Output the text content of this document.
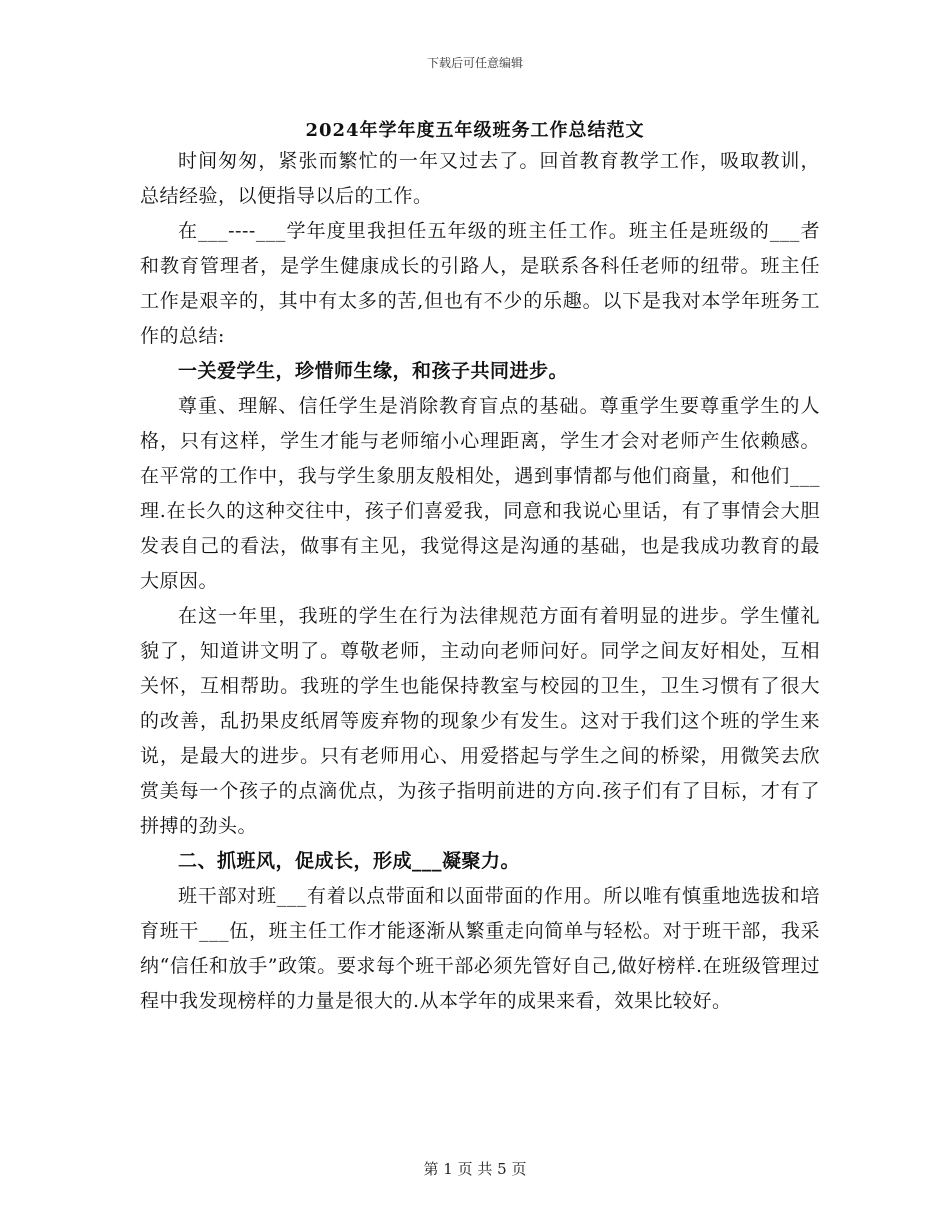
下载后可任意编辑
2024年学年度五年级班务工作总结范文

时间匆匆，紧张而繁忙的一年又过去了。回首教育教学工作，吸取教训，总结经验，以便指导以后的工作。

在___----___学年度里我担任五年级的班主任工作。班主任是班级的___者和教育管理者，是学生健康成长的引路人，是联系各科任老师的纽带。班主任工作是艰辛的，其中有太多的苦,但也有不少的乐趣。以下是我对本学年班务工作的总结:

一关爱学生，珍惜师生缘，和孩子共同进步。

尊重、理解、信任学生是消除教育盲点的基础。尊重学生要尊重学生的人格，只有这样，学生才能与老师缩小心理距离，学生才会对老师产生依赖感。在平常的工作中，我与学生象朋友般相处，遇到事情都与他们商量，和他们___理.在长久的这种交往中，孩子们喜爱我，同意和我说心里话，有了事情会大胆发表自己的看法，做事有主见，我觉得这是沟通的基础，也是我成功教育的最大原因。

在这一年里，我班的学生在行为法律规范方面有着明显的进步。学生懂礼貌了，知道讲文明了。尊敬老师，主动向老师问好。同学之间友好相处，互相关怀，互相帮助。我班的学生也能保持教室与校园的卫生，卫生习惯有了很大的改善，乱扔果皮纸屑等废弃物的现象少有发生。这对于我们这个班的学生来说，是最大的进步。只有老师用心、用爱搭起与学生之间的桥梁，用微笑去欣赏美每一个孩子的点滴优点，为孩子指明前进的方向.孩子们有了目标，才有了拼搏的劲头。

二、抓班风，促成长，形成___凝聚力。

班干部对班___有着以点带面和以面带面的作用。所以唯有慎重地选拔和培育班干___伍，班主任工作才能逐渐从繁重走向简单与轻松。对于班干部，我采纳“信任和放手”政策。要求每个班干部必须先管好自己,做好榜样.在班级管理过程中我发现榜样的力量是很大的.从本学年的成果来看，效果比较好。

第 1 页 共 5 页
